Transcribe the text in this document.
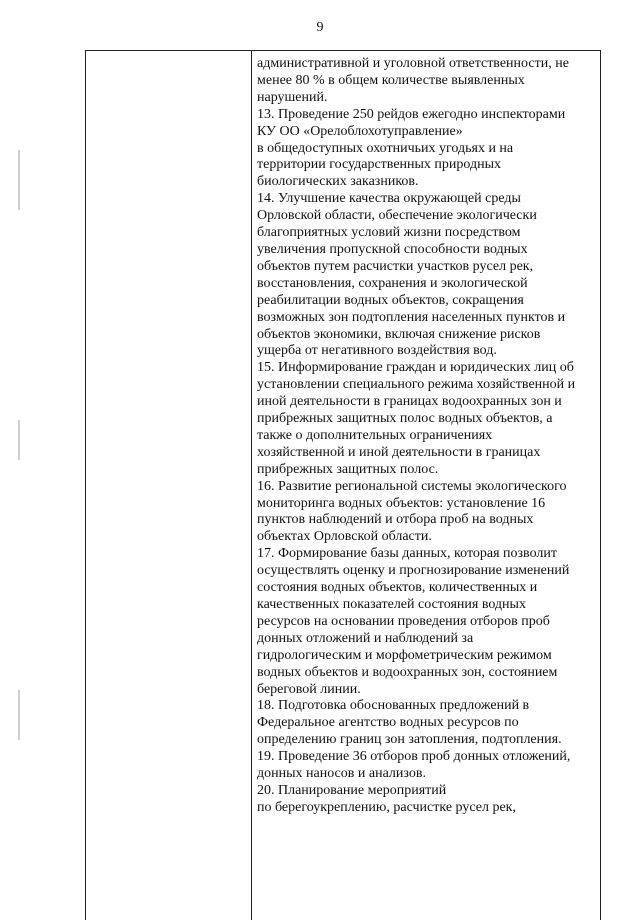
9
административной и уголовной ответственности, не
менее 80 % в общем количестве выявленных
нарушений.
13. Проведение 250 рейдов ежегодно инспекторами
КУ ОО «Орелоблохотуправление»
в общедоступных охотничьих угодьях и на
территории государственных природных
биологических заказников.
14. Улучшение качества окружающей среды
Орловской области, обеспечение экологически
благоприятных условий жизни посредством
увеличения пропускной способности водных
объектов путем расчистки участков русел рек,
восстановления, сохранения и экологической
реабилитации водных объектов, сокращения
возможных зон подтопления населенных пунктов и
объектов экономики, включая снижение рисков
ущерба от негативного воздействия вод.
15. Информирование граждан и юридических лиц об
установлении специального режима хозяйственной и
иной деятельности в границах водоохранных зон и
прибрежных защитных полос водных объектов, а
также о дополнительных ограничениях
хозяйственной и иной деятельности в границах
прибрежных защитных полос.
16. Развитие региональной системы экологического
мониторинга водных объектов: установление 16
пунктов наблюдений и отбора проб на водных
объектах Орловской области.
17. Формирование базы данных, которая позволит
осуществлять оценку и прогнозирование изменений
состояния водных объектов, количественных и
качественных показателей состояния водных
ресурсов на основании проведения отборов проб
донных отложений и наблюдений за
гидрологическим и морфометрическим режимом
водных объектов и водоохранных зон, состоянием
береговой линии.
18. Подготовка обоснованных предложений в
Федеральное агентство водных ресурсов по
определению границ зон затопления, подтопления.
19. Проведение 36 отборов проб донных отложений,
донных наносов и анализов.
20. Планирование мероприятий
по берегоукреплению, расчистке русел рек,
